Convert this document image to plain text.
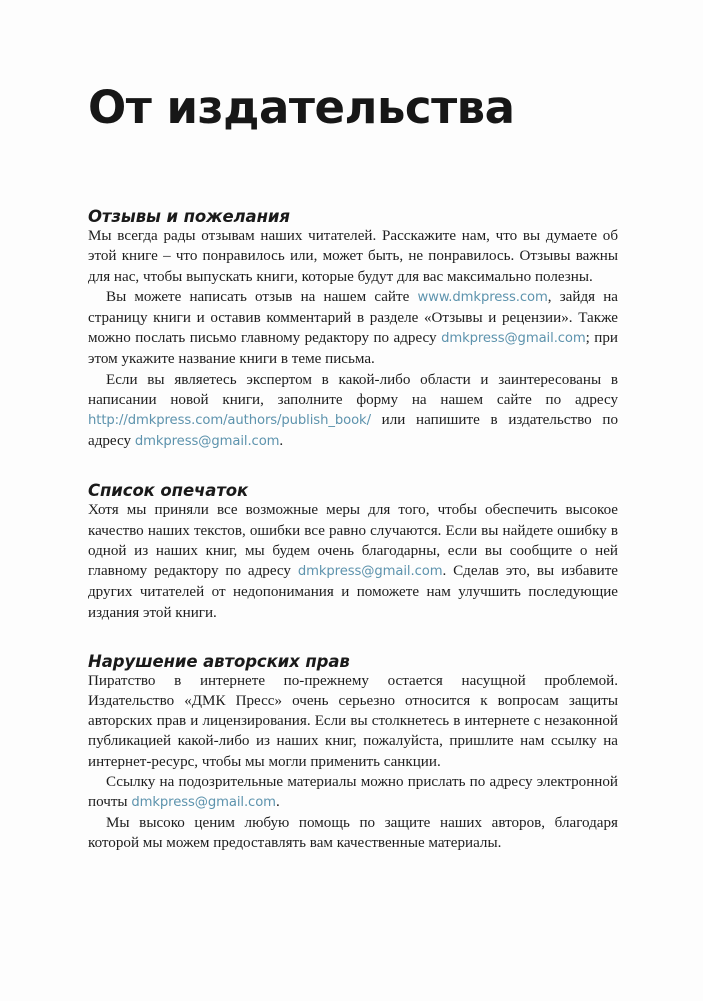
От издательства
Отзывы и пожелания

Мы всегда рады отзывам наших читателей. Расскажите нам, что вы думаете об этой книге – что понравилось или, может быть, не понравилось. Отзывы важны для нас, чтобы выпускать книги, которые будут для вас максимально полезны.

Вы можете написать отзыв на нашем сайте www.dmkpress.com, зайдя на страницу книги и оставив комментарий в разделе «Отзывы и рецензии». Также можно послать письмо главному редактору по адресу dmkpress@gmail.com; при этом укажите название книги в теме письма.

Если вы являетесь экспертом в какой-либо области и заинтересованы в написании новой книги, заполните форму на нашем сайте по адресу http://dmkpress.com/authors/publish_book/ или напишите в издательство по адресу dmkpress@gmail.com.

Список опечаток

Хотя мы приняли все возможные меры для того, чтобы обеспечить высокое качество наших текстов, ошибки все равно случаются. Если вы найдете ошибку в одной из наших книг, мы будем очень благодарны, если вы сообщите о ней главному редактору по адресу dmkpress@gmail.com. Сделав это, вы избавите других читателей от недопонимания и поможете нам улучшить последующие издания этой книги.

Нарушение авторских прав

Пиратство в интернете по-прежнему остается насущной проблемой. Издательство «ДМК Пресс» очень серьезно относится к вопросам защиты авторских прав и лицензирования. Если вы столкнетесь в интернете с незаконной публикацией какой-либо из наших книг, пожалуйста, пришлите нам ссылку на интернет-ресурс, чтобы мы могли применить санкции.

Ссылку на подозрительные материалы можно прислать по адресу электронной почты dmkpress@gmail.com.

Мы высоко ценим любую помощь по защите наших авторов, благодаря которой мы можем предоставлять вам качественные материалы.
